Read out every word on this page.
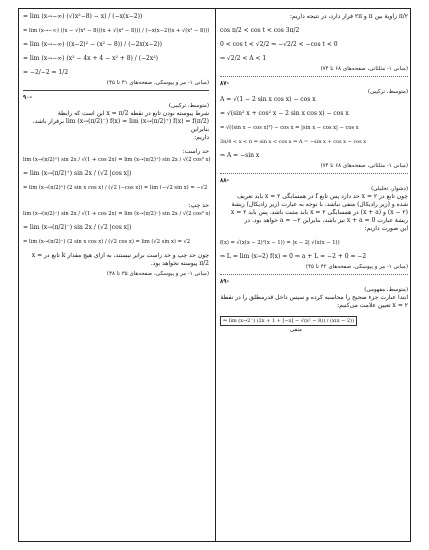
= lim (x→−∞) (√(x²−8) − x) / (−x(x−2))
= lim (x→−∞) ((x − √(x² − 8))(x + √(x² − 8))) / (−x(x−2)(x + √(x² − 8)))
= lim (x→−∞) ((x−2)² − (x² − 8)) / (−2x(x−2))
= lim (x→−∞) (x² − 4x + 4 − x² + 8) / (−2x²)
= −2/−2 = 1/2
(مبانی ۱- مر و پیوسکی، صفحه‌های ۴۱ تا ۴۵)
۹۰-
(متوسط، ترکیبی)
شرط پیوسته بودن تابع در نقطه x = π/2 این است که رابطهٔ
lim (x→(π/2)⁻) f(x) = lim (x→(π/2)⁺) f(x) = f(π/2) برقرار باشد، بنابراین
داریم:
حد راست:
lim (x→(π/2)⁺) sin 2x / √(1 + cos 2x) = lim (x→(π/2)⁺) sin 2x / √(2 cos² x)
= lim (x→(π/2)⁺) sin 2x / (√2 |cos x|)
= lim (x→(π/2)⁺) (2 sin x cos x) / (√2 (−cos x)) = lim (−√2 sin x) = −√2
حد چپ:
lim (x→(π/2)⁻) sin 2x / √(1 + cos 2x) = lim (x→(π/2)⁻) sin 2x / √(2 cos² x)
= lim (x→(π/2)⁻) sin 2x / (√2 |cos x|)
= lim (x→(π/2)⁻) (2 sin x cos x) / (√2 cos x) = lim (√2 sin x) = √2
چون حد چپ و حد راست برابر نیستند، به ازای هیچ مقدار k تابع در x = π/2 پیوسته نخواهد بود.
(مبانی ۱- مر و پیوسکی، صفحه‌های ۳۵ تا ۳۸)
π/۲ زاویهٔ بین π و ۲π قرار دارد، در نتیجه داریم:
cos π/2 < cos t < cos 3π/2
0 < cos t < √2/2 ⇒ −√2/2 < −cos t < 0
⇒ √2/2 < A < 1
(مبانی ۱- مثلثاتی، صفحه‌های ۶۸ تا ۷۴)
۸۷-
(متوسط، ترکیبی)
A = √(1 − 2 sin x cos x) − cos x
= √(sin² x + cos² x − 2 sin x cos x) − cos x
= √((sin x − cos x)²) − cos x = |sin x − cos x| − cos x
3π/4 < x < π ⇒ sin x < cos x ⇒ A = −sin x + cos x − cos x
⇒ A = −sin x
(مبانی ۱- مثلثاتی، صفحه‌های ۶۸ تا ۷۴)
۸۸-
(دشوار، تحلیلی)
چون تابع در x = ۲ حد دارد پس تابع f در همسایگی x = ۲ باید تعریف
شده و (زیر رادیکال) منفی نباشد. با توجه به عبارت (زیر رادیکال) ریشهٔ
(x − ۲) و (x + a) در همسایگی x = ۲ باید مثبت باشد. پس باید x = ۲
ریشهٔ عبارت x + a = 0 نیز باشد، بنابراین a = −۲ خواهد بود. در
این صورت داریم:
f(x) = √(x(x − 2)²(x − 1)) = |x − 2| √(x(x − 1))
⇒ L = lim (x→2) f(x) = 0 ⇒ a + L = −2 + 0 = −2
(مبانی ۱- مر و پیوسکی، صفحه‌های ۴۲ تا ۴۵)
۸۹-
(متوسط، مفهومی)
ابتدا عبارت جزء صحیح را محاسبه کرده و سپس داخل قدرمطلق را در نقطهٔ x = ۲ تعیین علامت می‌کنیم:
⇒ lim (x→2⁻) (2x + 1 + [−x] − √(x² − 8)) / (x(x − 2))
منفی
